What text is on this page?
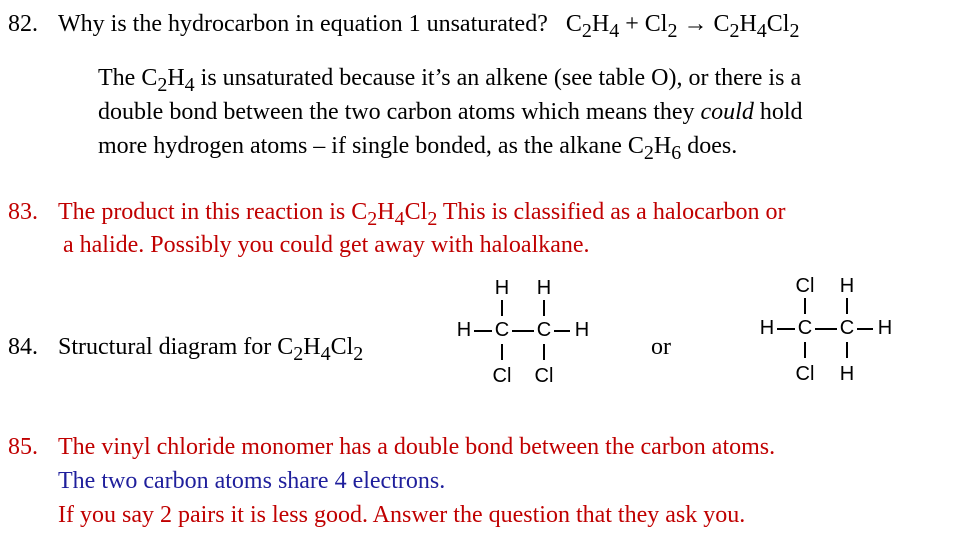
82. Why is the hydrocarbon in equation 1 unsaturated? $C_2H_4 + Cl_2 \to C_2H_4Cl_2$
The $C_2H_4$ is unsaturated because it’s an alkene (see table O), or there is a
double bond between the two carbon atoms which means they could hold
more hydrogen atoms – if single bonded, as the alkane $C_2H_6$ does.
83. The product in this reaction is $C_2H_4Cl_2$ This is classified as a halocarbon or
a halide. Possibly you could get away with haloalkane.
84. Structural diagram for $C_2H_4Cl_2$	or
H H
H C C H
Cl Cl
Cl H
H C C H
Cl H
85. The vinyl chloride monomer has a double bond between the carbon atoms.
The two carbon atoms share 4 electrons.
If you say 2 pairs it is less good. Answer the question that they ask you.
